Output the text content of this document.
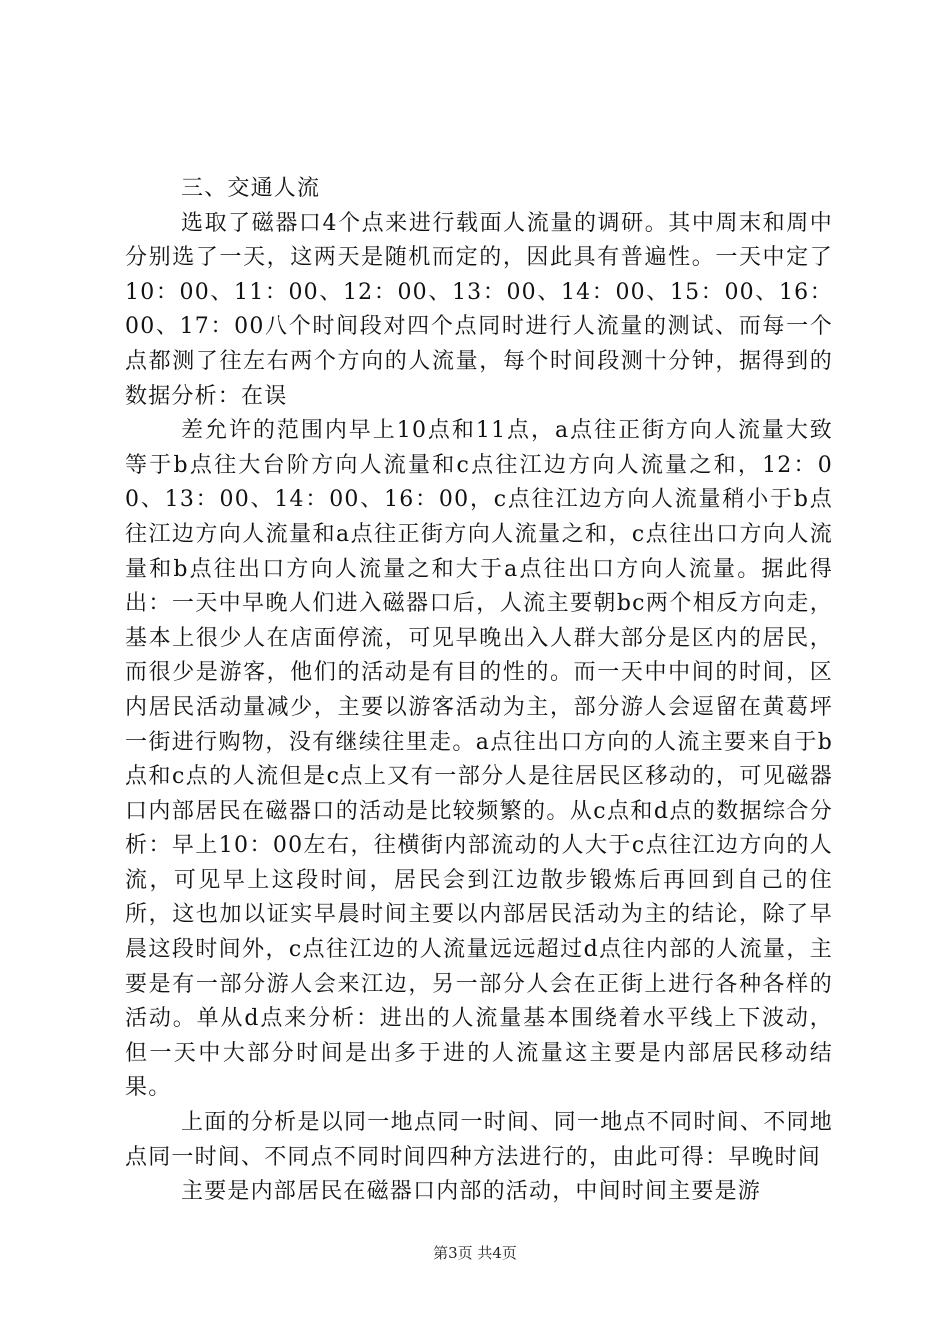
三、交通人流

选取了磁器口4个点来进行载面人流量的调研。其中周末和周中分别选了一天，这两天是随机而定的，因此具有普遍性。一天中定了10：00、11：00、12：00、13：00、14：00、15：00、16：00、17：00八个时间段对四个点同时进行人流量的测试、而每一个点都测了往左右两个方向的人流量，每个时间段测十分钟，据得到的数据分析：在误

差允许的范围内早上10点和11点，a点往正街方向人流量大致等于b点往大台阶方向人流量和c点往江边方向人流量之和，12：00、13：00、14：00、16：00，c点往江边方向人流量稍小于b点往江边方向人流量和a点往正街方向人流量之和，c点往出口方向人流量和b点往出口方向人流量之和大于a点往出口方向人流量。据此得出：一天中早晚人们进入磁器口后，人流主要朝bc两个相反方向走，基本上很少人在店面停流，可见早晚出入人群大部分是区内的居民，而很少是游客，他们的活动是有目的性的。而一天中中间的时间，区内居民活动量减少，主要以游客活动为主，部分游人会逗留在黄葛坪一街进行购物，没有继续往里走。a点往出口方向的人流主要来自于b点和c点的人流但是c点上又有一部分人是往居民区移动的，可见磁器口内部居民在磁器口的活动是比较频繁的。从c点和d点的数据综合分析：早上10：00左右，往横街内部流动的人大于c点往江边方向的人流，可见早上这段时间，居民会到江边散步锻炼后再回到自己的住所，这也加以证实早晨时间主要以内部居民活动为主的结论，除了早晨这段时间外，c点往江边的人流量远远超过d点往内部的人流量，主要是有一部分游人会来江边，另一部分人会在正街上进行各种各样的活动。单从d点来分析：进出的人流量基本围绕着水平线上下波动，但一天中大部分时间是出多于进的人流量这主要是内部居民移动结果。

上面的分析是以同一地点同一时间、同一地点不同时间、不同地点同一时间、不同点不同时间四种方法进行的，由此可得：早晚时间

主要是内部居民在磁器口内部的活动，中间时间主要是游

第3页 共4页
